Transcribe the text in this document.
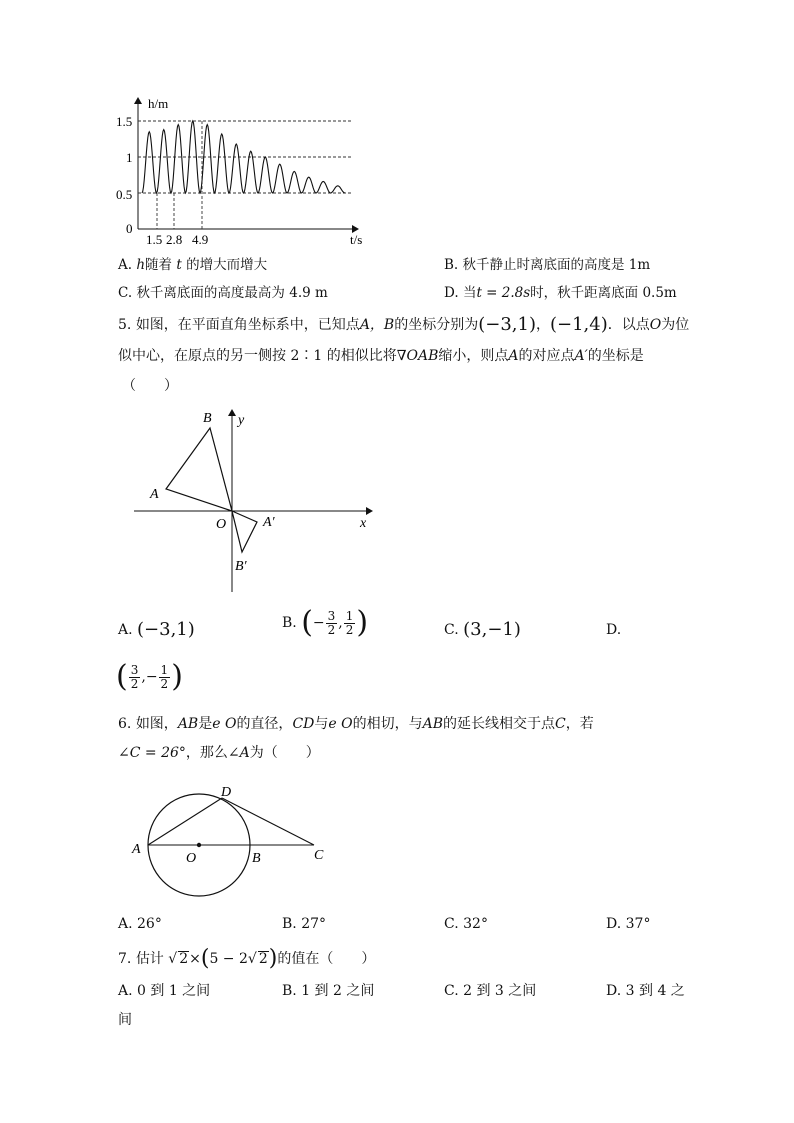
h/m
t/s
0
1.5
1
0.5
1.5 2.8 4.9
A. h随着 t 的增大而增大	B. 秋千静止时离底面的高度是 1m
C. 秋千离底面的高度最高为 4.9 m	D. 当t = 2.8s时，秋千距离底面 0.5m
5. 如图，在平面直角坐标系中，已知点A，B的坐标分别为(−3,1)，(−1,4)．以点O为位
似中心，在原点的另一侧按 2∶1 的相似比将∇OAB缩小，则点A的对应点A′的坐标是
（　　）
B
A
y
x
O	A′
B′
A. (−3,1)	B. (− $\frac{3}{2}$ , $\frac{1}{2}$ )	C. (3,−1)	D.
( $\frac{3}{2}$ ,− $\frac{1}{2}$ )
6. 如图，AB是e O的直径，CD与e O的相切，与AB的延长线相交于点C，若
∠C = 26°，那么∠A为（　　）
A
O	B	C
D
A. 26°	B. 27°	C. 32°	D. 37°
7. 估计 √ 2×(5 − 2√ 2)的值在（　　）
A. 0 到 1 之间	B. 1 到 2 之间	C. 2 到 3 之间	D. 3 到 4 之
间
